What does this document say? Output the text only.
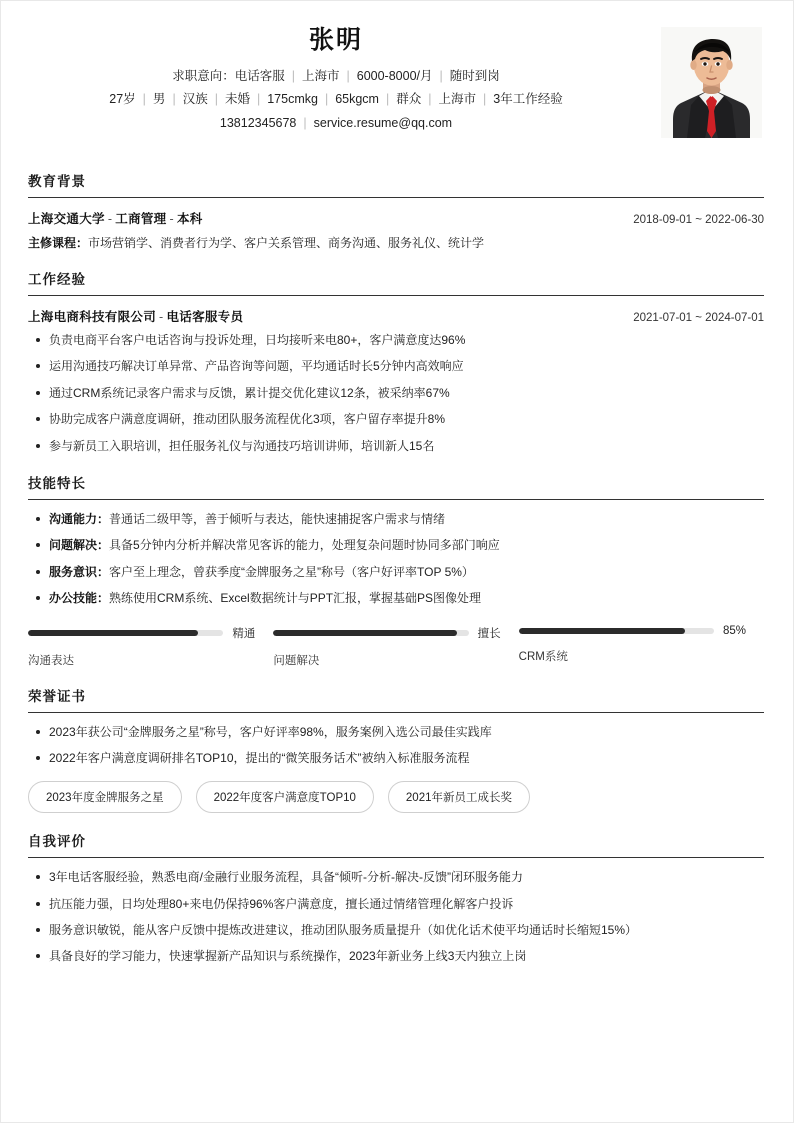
张明
求职意向：电话客服 | 上海市 | 6000-8000/月 | 随时到岗
27岁 | 男 | 汉族 | 未婚 | 175cmkg | 65kgcm | 群众 | 上海市 | 3年工作经验
13812345678 | service.resume@qq.com
教育背景
上海交通大学 - 工商管理 - 本科	2018-09-01 ~ 2022-06-30
主修课程：市场营销学、消费者行为学、客户关系管理、商务沟通、服务礼仪、统计学
工作经验
上海电商科技有限公司 - 电话客服专员	2021-07-01 ~ 2024-07-01
负责电商平台客户电话咨询与投诉处理，日均接听来电80+，客户满意度达96%
运用沟通技巧解决订单异常、产品咨询等问题，平均通话时长5分钟内高效响应
通过CRM系统记录客户需求与反馈，累计提交优化建议12条，被采纳率67%
协助完成客户满意度调研，推动团队服务流程优化3项，客户留存率提升8%
参与新员工入职培训，担任服务礼仪与沟通技巧培训讲师，培训新人15名
技能特长
沟通能力：普通话二级甲等，善于倾听与表达，能快速捕捉客户需求与情绪
问题解决：具备5分钟内分析并解决常见客诉的能力，处理复杂问题时协同多部门响应
服务意识：客户至上理念，曾获季度“金牌服务之星”称号（客户好评率TOP 5%）
办公技能：熟练使用CRM系统、Excel数据统计与PPT汇报，掌握基础PS图像处理
精通
沟通表达
擅长
问题解决
85%
CRM系统
荣誉证书
2023年获公司“金牌服务之星”称号，客户好评率98%，服务案例入选公司最佳实践库
2022年客户满意度调研排名TOP10，提出的“微笑服务话术”被纳入标准服务流程
2023年度金牌服务之星	2022年度客户满意度TOP10	2021年新员工成长奖
自我评价
3年电话客服经验，熟悉电商/金融行业服务流程，具备“倾听-分析-解决-反馈”闭环服务能力
抗压能力强，日均处理80+来电仍保持96%客户满意度，擅长通过情绪管理化解客户投诉
服务意识敏锐，能从客户反馈中提炼改进建议，推动团队服务质量提升（如优化话术使平均通话时长缩短15%）
具备良好的学习能力，快速掌握新产品知识与系统操作，2023年新业务上线3天内独立上岗
